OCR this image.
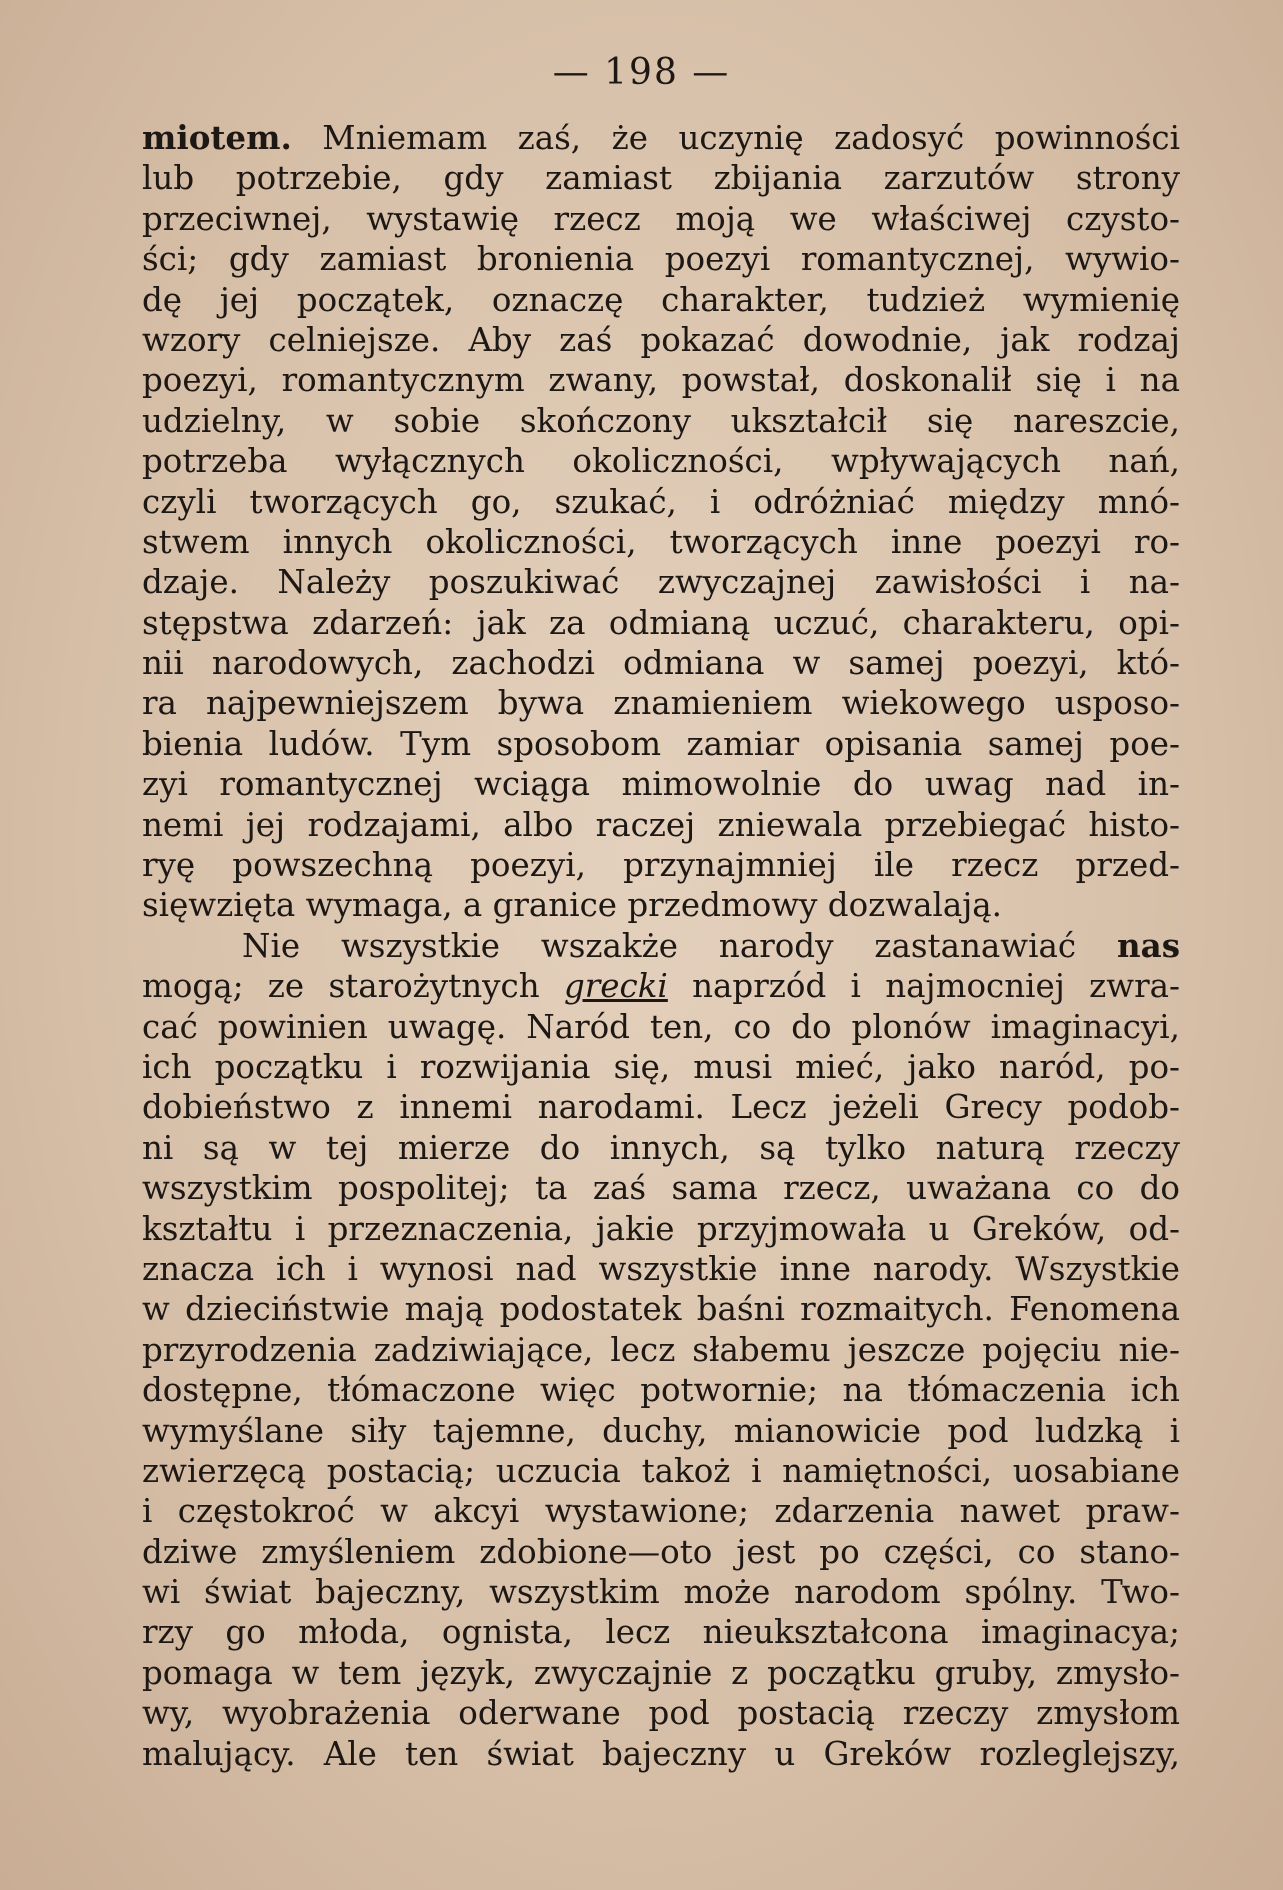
— 198 —
miotem. Mniemam zaś, że uczynię zadosyć powinności
lub potrzebie, gdy zamiast zbijania zarzutów strony
przeciwnej, wystawię rzecz moją we właściwej czysto-
ści; gdy zamiast bronienia poezyi romantycznej, wywio-
dę jej początek, oznaczę charakter, tudzież wymienię
wzory celniejsze. Aby zaś pokazać dowodnie, jak rodzaj
poezyi, romantycznym zwany, powstał, doskonalił się i na
udzielny, w sobie skończony ukształcił się nareszcie,
potrzeba wyłącznych okoliczności, wpływających nań,
czyli tworzących go, szukać, i odróżniać między mnó-
stwem innych okoliczności, tworzących inne poezyi ro-
dzaje. Należy poszukiwać zwyczajnej zawisłości i na-
stępstwa zdarzeń: jak za odmianą uczuć, charakteru, opi-
nii narodowych, zachodzi odmiana w samej poezyi, któ-
ra najpewniejszem bywa znamieniem wiekowego usposo-
bienia ludów. Tym sposobom zamiar opisania samej poe-
zyi romantycznej wciąga mimowolnie do uwag nad in-
nemi jej rodzajami, albo raczej zniewala przebiegać histo-
ryę powszechną poezyi, przynajmniej ile rzecz przed-
sięwzięta wymaga, a granice przedmowy dozwalają.
Nie wszystkie wszakże narody zastanawiać nas
mogą; ze starożytnych grecki naprzód i najmocniej zwra-
cać powinien uwagę. Naród ten, co do plonów imaginacyi,
ich początku i rozwijania się, musi mieć, jako naród, po-
dobieństwo z innemi narodami. Lecz jeżeli Grecy podob-
ni są w tej mierze do innych, są tylko naturą rzeczy
wszystkim pospolitej; ta zaś sama rzecz, uważana co do
kształtu i przeznaczenia, jakie przyjmowała u Greków, od-
znacza ich i wynosi nad wszystkie inne narody. Wszystkie
w dzieciństwie mają podostatek baśni rozmaitych. Fenomena
przyrodzenia zadziwiające, lecz słabemu jeszcze pojęciu nie-
dostępne, tłómaczone więc potwornie; na tłómaczenia ich
wymyślane siły tajemne, duchy, mianowicie pod ludzką i
zwierzęcą postacią; uczucia takoż i namiętności, uosabiane
i częstokroć w akcyi wystawione; zdarzenia nawet praw-
dziwe zmyśleniem zdobione—oto jest po części, co stano-
wi świat bajeczny, wszystkim może narodom spólny. Two-
rzy go młoda, ognista, lecz nieukształcona imaginacya;
pomaga w tem język, zwyczajnie z początku gruby, zmysło-
wy, wyobrażenia oderwane pod postacią rzeczy zmysłom
malujący. Ale ten świat bajeczny u Greków rozleglejszy,
